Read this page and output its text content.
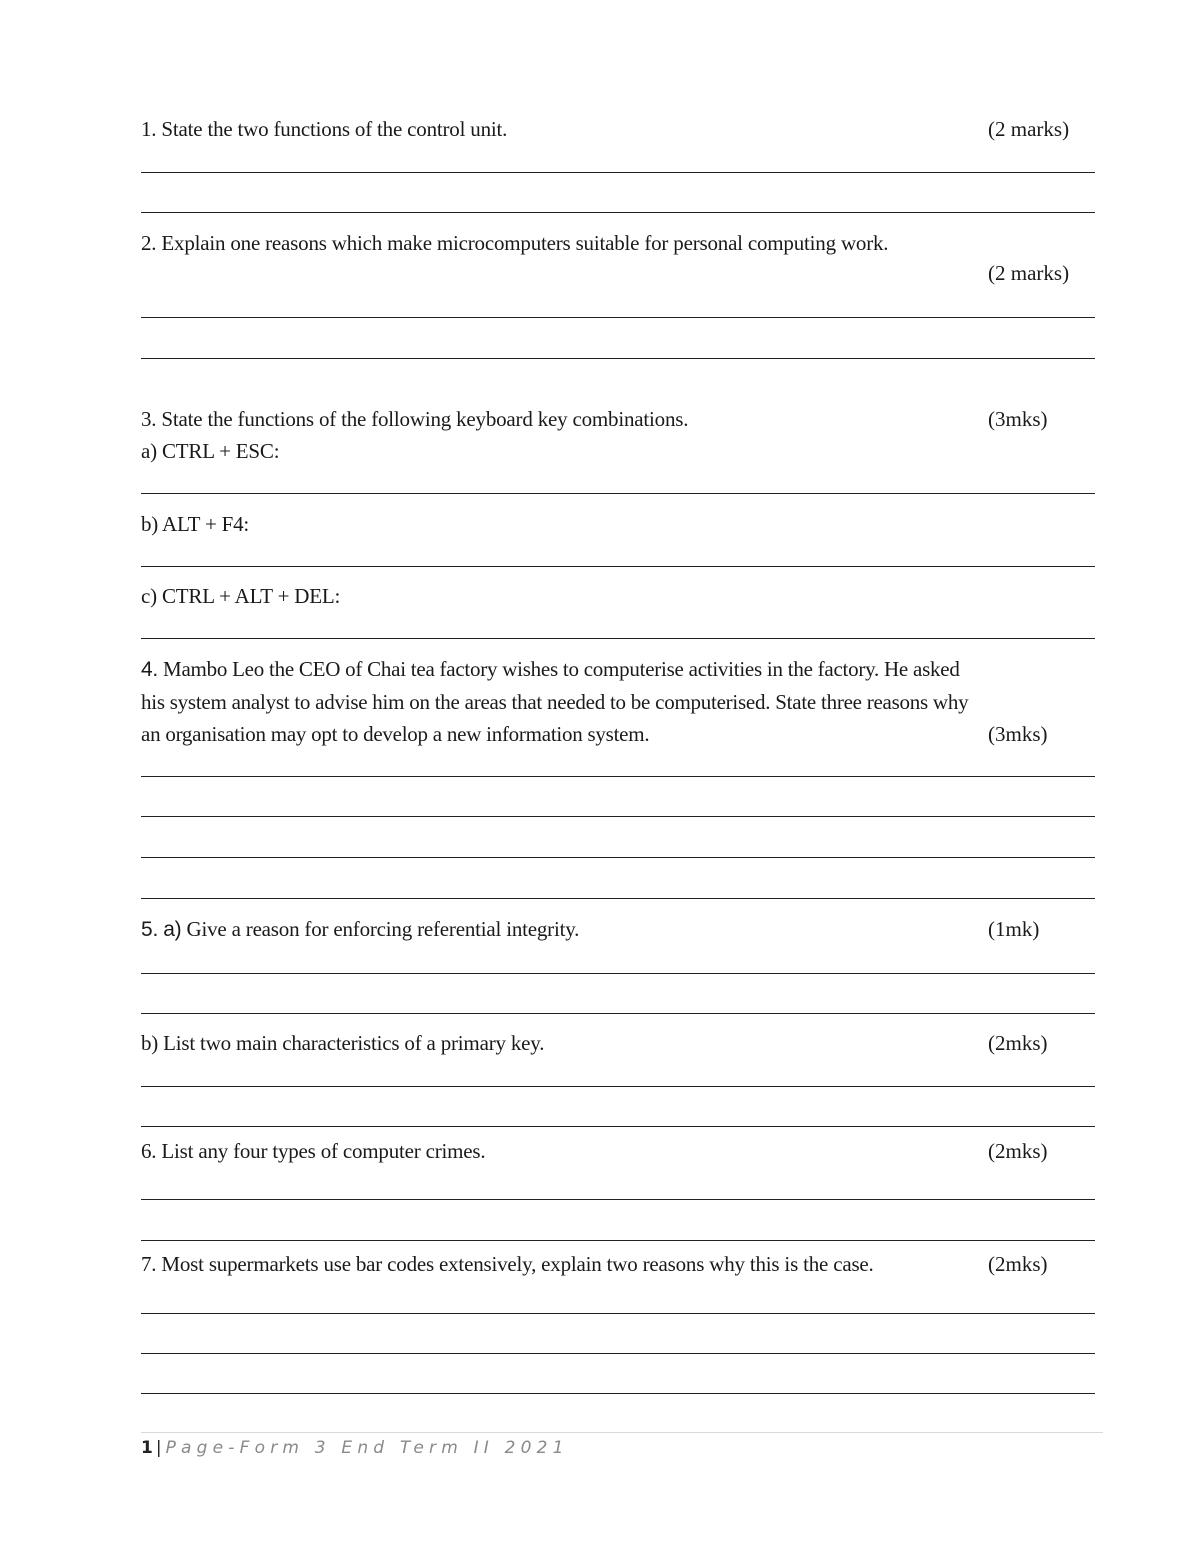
1. State the two functions of the control unit.	(2 marks)
2. Explain one reasons which make microcomputers suitable for personal computing work.
(2 marks)
3. State the functions of the following keyboard key combinations.	(3mks)
a) CTRL + ESC:
b) ALT + F4:
c) CTRL + ALT + DEL:
4. Mambo Leo the CEO of Chai tea factory wishes to computerise activities in the factory. He asked
his system analyst to advise him on the areas that needed to be computerised. State three reasons why
an organisation may opt to develop a new information system.	(3mks)
5. a) Give a reason for enforcing referential integrity.	(1mk)
b) List two main characteristics of a primary key.	(2mks)
6. List any four types of computer crimes.	(2mks)
7. Most supermarkets use bar codes extensively, explain two reasons why this is the case.	(2mks)
1 | Page-Form 3 End Term II 2021
